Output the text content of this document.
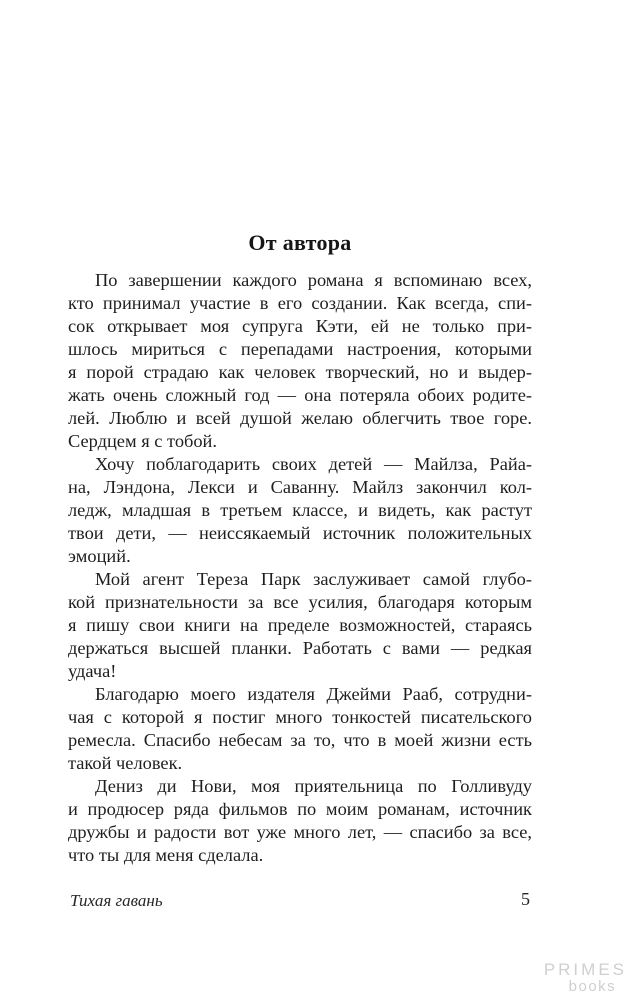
От автора
По завершении каждого романа я вспоминаю всех,
кто принимал участие в его создании. Как всегда, спи-
сок открывает моя супруга Кэти, ей не только при-
шлось мириться с перепадами настроения, которыми
я порой страдаю как человек творческий, но и выдер-
жать очень сложный год — она потеряла обоих родите-
лей. Люблю и всей душой желаю облегчить твое горе.
Сердцем я с тобой.
Хочу поблагодарить своих детей — Майлза, Райа-
на, Лэндона, Лекси и Саванну. Майлз закончил кол-
ледж, младшая в третьем классе, и видеть, как растут
твои дети, — неиссякаемый источник положительных
эмоций.
Мой агент Тереза Парк заслуживает самой глубо-
кой признательности за все усилия, благодаря которым
я пишу свои книги на пределе возможностей, стараясь
держаться высшей планки. Работать с вами — редкая
удача!
Благодарю моего издателя Джейми Рааб, сотрудни-
чая с которой я постиг много тонкостей писательского
ремесла. Спасибо небесам за то, что в моей жизни есть
такой человек.
Дениз ди Нови, моя приятельница по Голливуду
и продюсер ряда фильмов по моим романам, источник
дружбы и радости вот уже много лет, — спасибо за все,
что ты для меня сделала.
Тихая гавань	5
PRIMES
books
